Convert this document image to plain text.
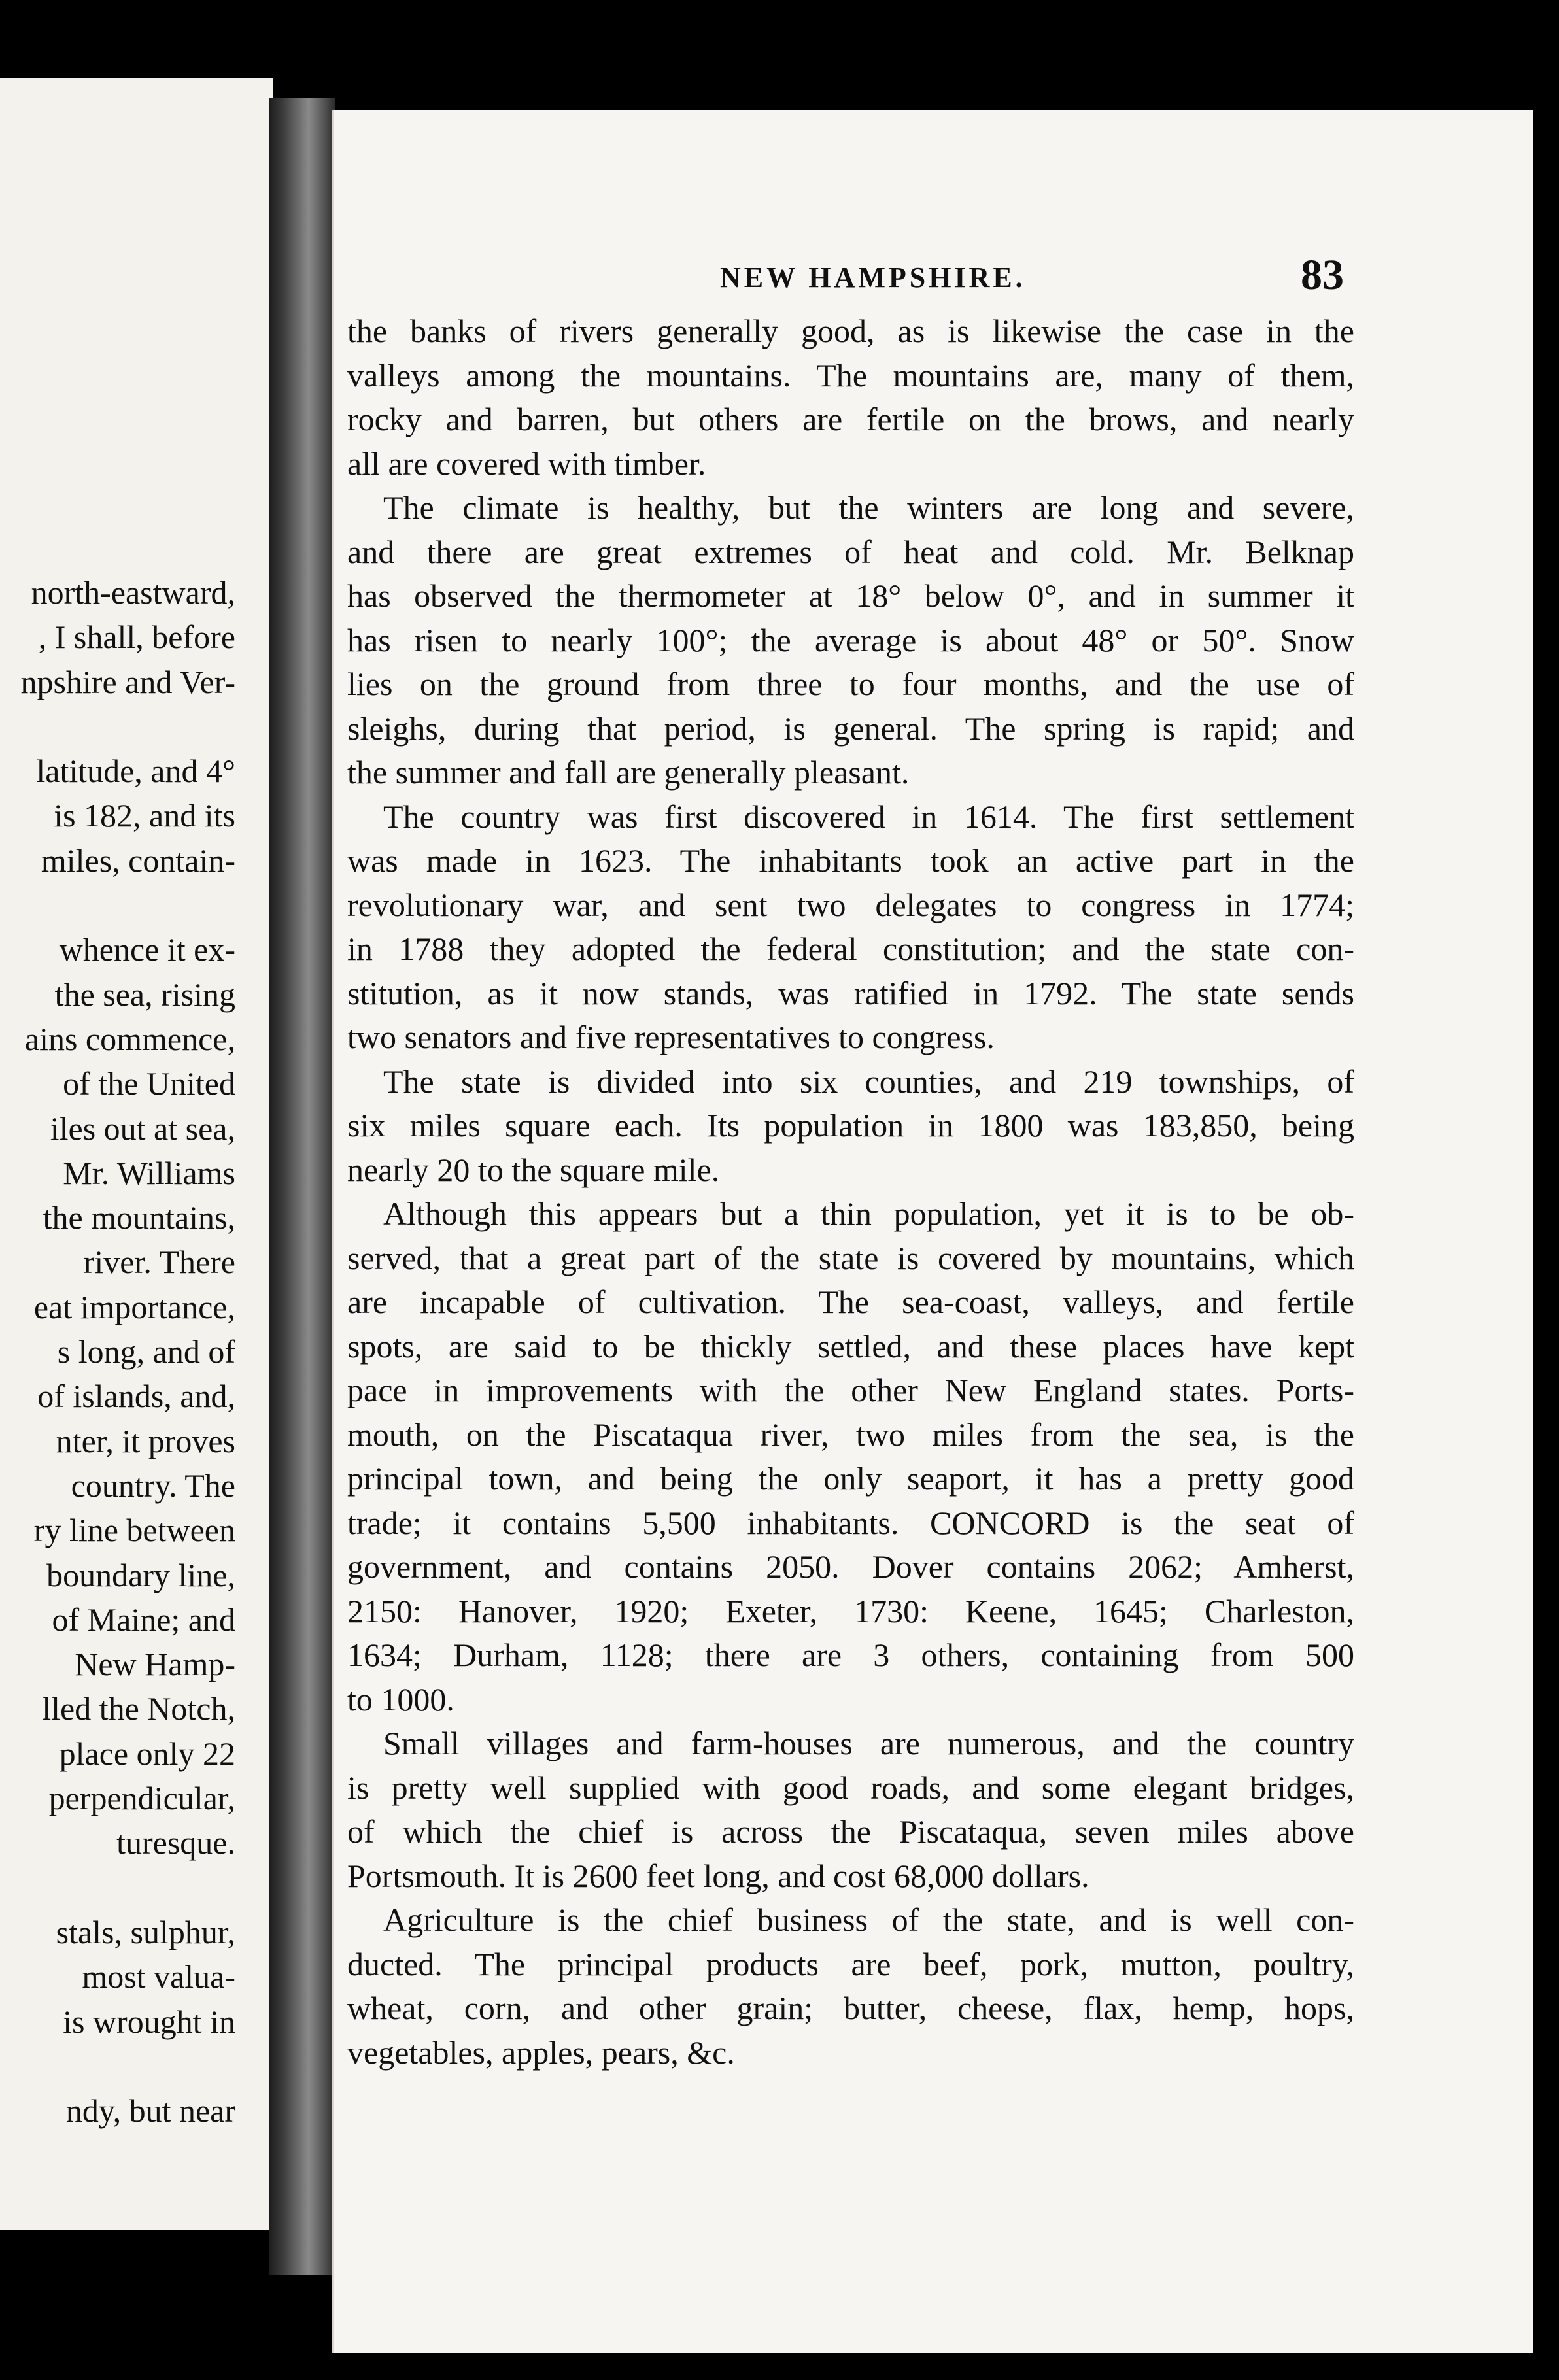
north-eastward,
, I shall, before
npshire and Ver-
latitude, and 4°
is 182, and its
miles, contain-
whence it ex-
the sea, rising
ains commence,
of the United
iles out at sea,
Mr. Williams
the mountains,
river. There
eat importance,
s long, and of
of islands, and,
nter, it proves
country. The
ry line between
boundary line,
of Maine; and
New Hamp-
lled the Notch,
place only 22
perpendicular,
turesque.
stals, sulphur,
most valua-
is wrought in
ndy, but near
NEW HAMPSHIRE.	83

the banks of rivers generally good, as is likewise the case in the
valleys among the mountains. The mountains are, many of them,
rocky and barren, but others are fertile on the brows, and nearly
all are covered with timber.

The climate is healthy, but the winters are long and severe,
and there are great extremes of heat and cold. Mr. Belknap
has observed the thermometer at 18° below 0°, and in summer it
has risen to nearly 100°; the average is about 48° or 50°. Snow
lies on the ground from three to four months, and the use of
sleighs, during that period, is general. The spring is rapid; and
the summer and fall are generally pleasant.

The country was first discovered in 1614. The first settlement
was made in 1623. The inhabitants took an active part in the
revolutionary war, and sent two delegates to congress in 1774;
in 1788 they adopted the federal constitution; and the state con-
stitution, as it now stands, was ratified in 1792. The state sends
two senators and five representatives to congress.

The state is divided into six counties, and 219 townships, of
six miles square each. Its population in 1800 was 183,850, being
nearly 20 to the square mile.

Although this appears but a thin population, yet it is to be ob-
served, that a great part of the state is covered by mountains, which
are incapable of cultivation. The sea-coast, valleys, and fertile
spots, are said to be thickly settled, and these places have kept
pace in improvements with the other New England states. Ports-
mouth, on the Piscataqua river, two miles from the sea, is the
principal town, and being the only seaport, it has a pretty good
trade; it contains 5,500 inhabitants. CONCORD is the seat of
government, and contains 2050. Dover contains 2062; Amherst,
2150: Hanover, 1920; Exeter, 1730: Keene, 1645; Charleston,
1634; Durham, 1128; there are 3 others, containing from 500
to 1000.

Small villages and farm-houses are numerous, and the country
is pretty well supplied with good roads, and some elegant bridges,
of which the chief is across the Piscataqua, seven miles above
Portsmouth. It is 2600 feet long, and cost 68,000 dollars.

Agriculture is the chief business of the state, and is well con-
ducted. The principal products are beef, pork, mutton, poultry,
wheat, corn, and other grain; butter, cheese, flax, hemp, hops,
vegetables, apples, pears, &c.
